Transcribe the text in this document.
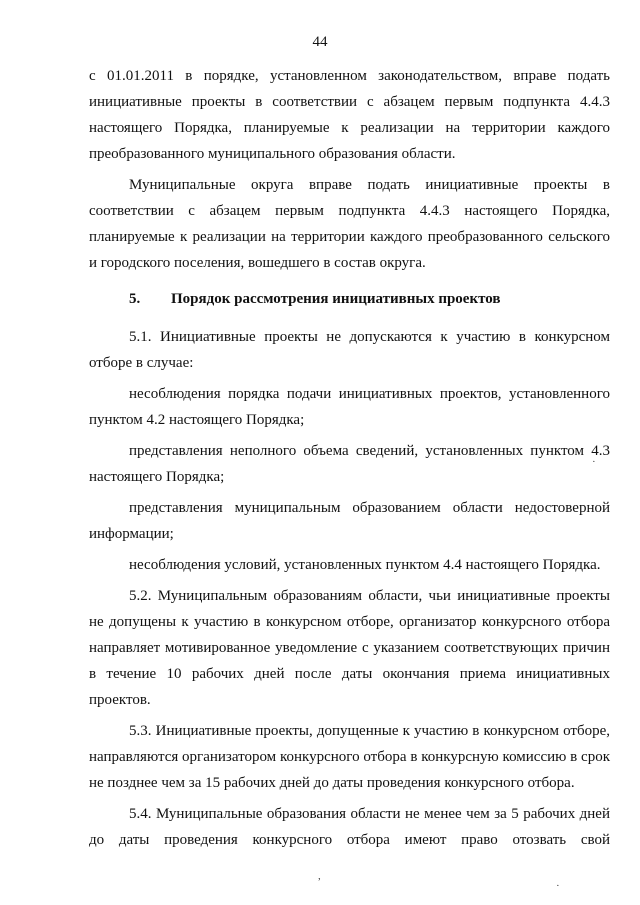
44

с 01.01.2011 в порядке, установленном законодательством, вправе подать инициативные проекты в соответствии с абзацем первым подпункта 4.4.3 настоящего Порядка, планируемые к реализации на территории каждого преобразованного муниципального образования области.

Муниципальные округа вправе подать инициативные проекты в соответствии с абзацем первым подпункта 4.4.3 настоящего Порядка, планируемые к реализации на территории каждого преобразованного сельского и городского поселения, вошедшего в состав округа.

5. Порядок рассмотрения инициативных проектов

5.1. Инициативные проекты не допускаются к участию в конкурсном отборе в случае:

несоблюдения порядка подачи инициативных проектов, установленного пунктом 4.2 настоящего Порядка;

представления неполного объема сведений, установленных пунктом 4.3 настоящего Порядка;

представления муниципальным образованием области недостоверной информации;

несоблюдения условий, установленных пунктом 4.4 настоящего Порядка.

5.2. Муниципальным образованиям области, чьи инициативные проекты не допущены к участию в конкурсном отборе, организатор конкурсного отбора направляет мотивированное уведомление с указанием соответствующих причин в течение 10 рабочих дней после даты окончания приема инициативных проектов.

5.3. Инициативные проекты, допущенные к участию в конкурсном отборе, направляются организатором конкурсного отбора в конкурсную комиссию в срок не позднее чем за 15 рабочих дней до даты проведения конкурсного отбора.

5.4. Муниципальные образования области не менее чем за 5 рабочих дней до даты проведения конкурсного отбора имеют право отозвать свой

·
,
·
